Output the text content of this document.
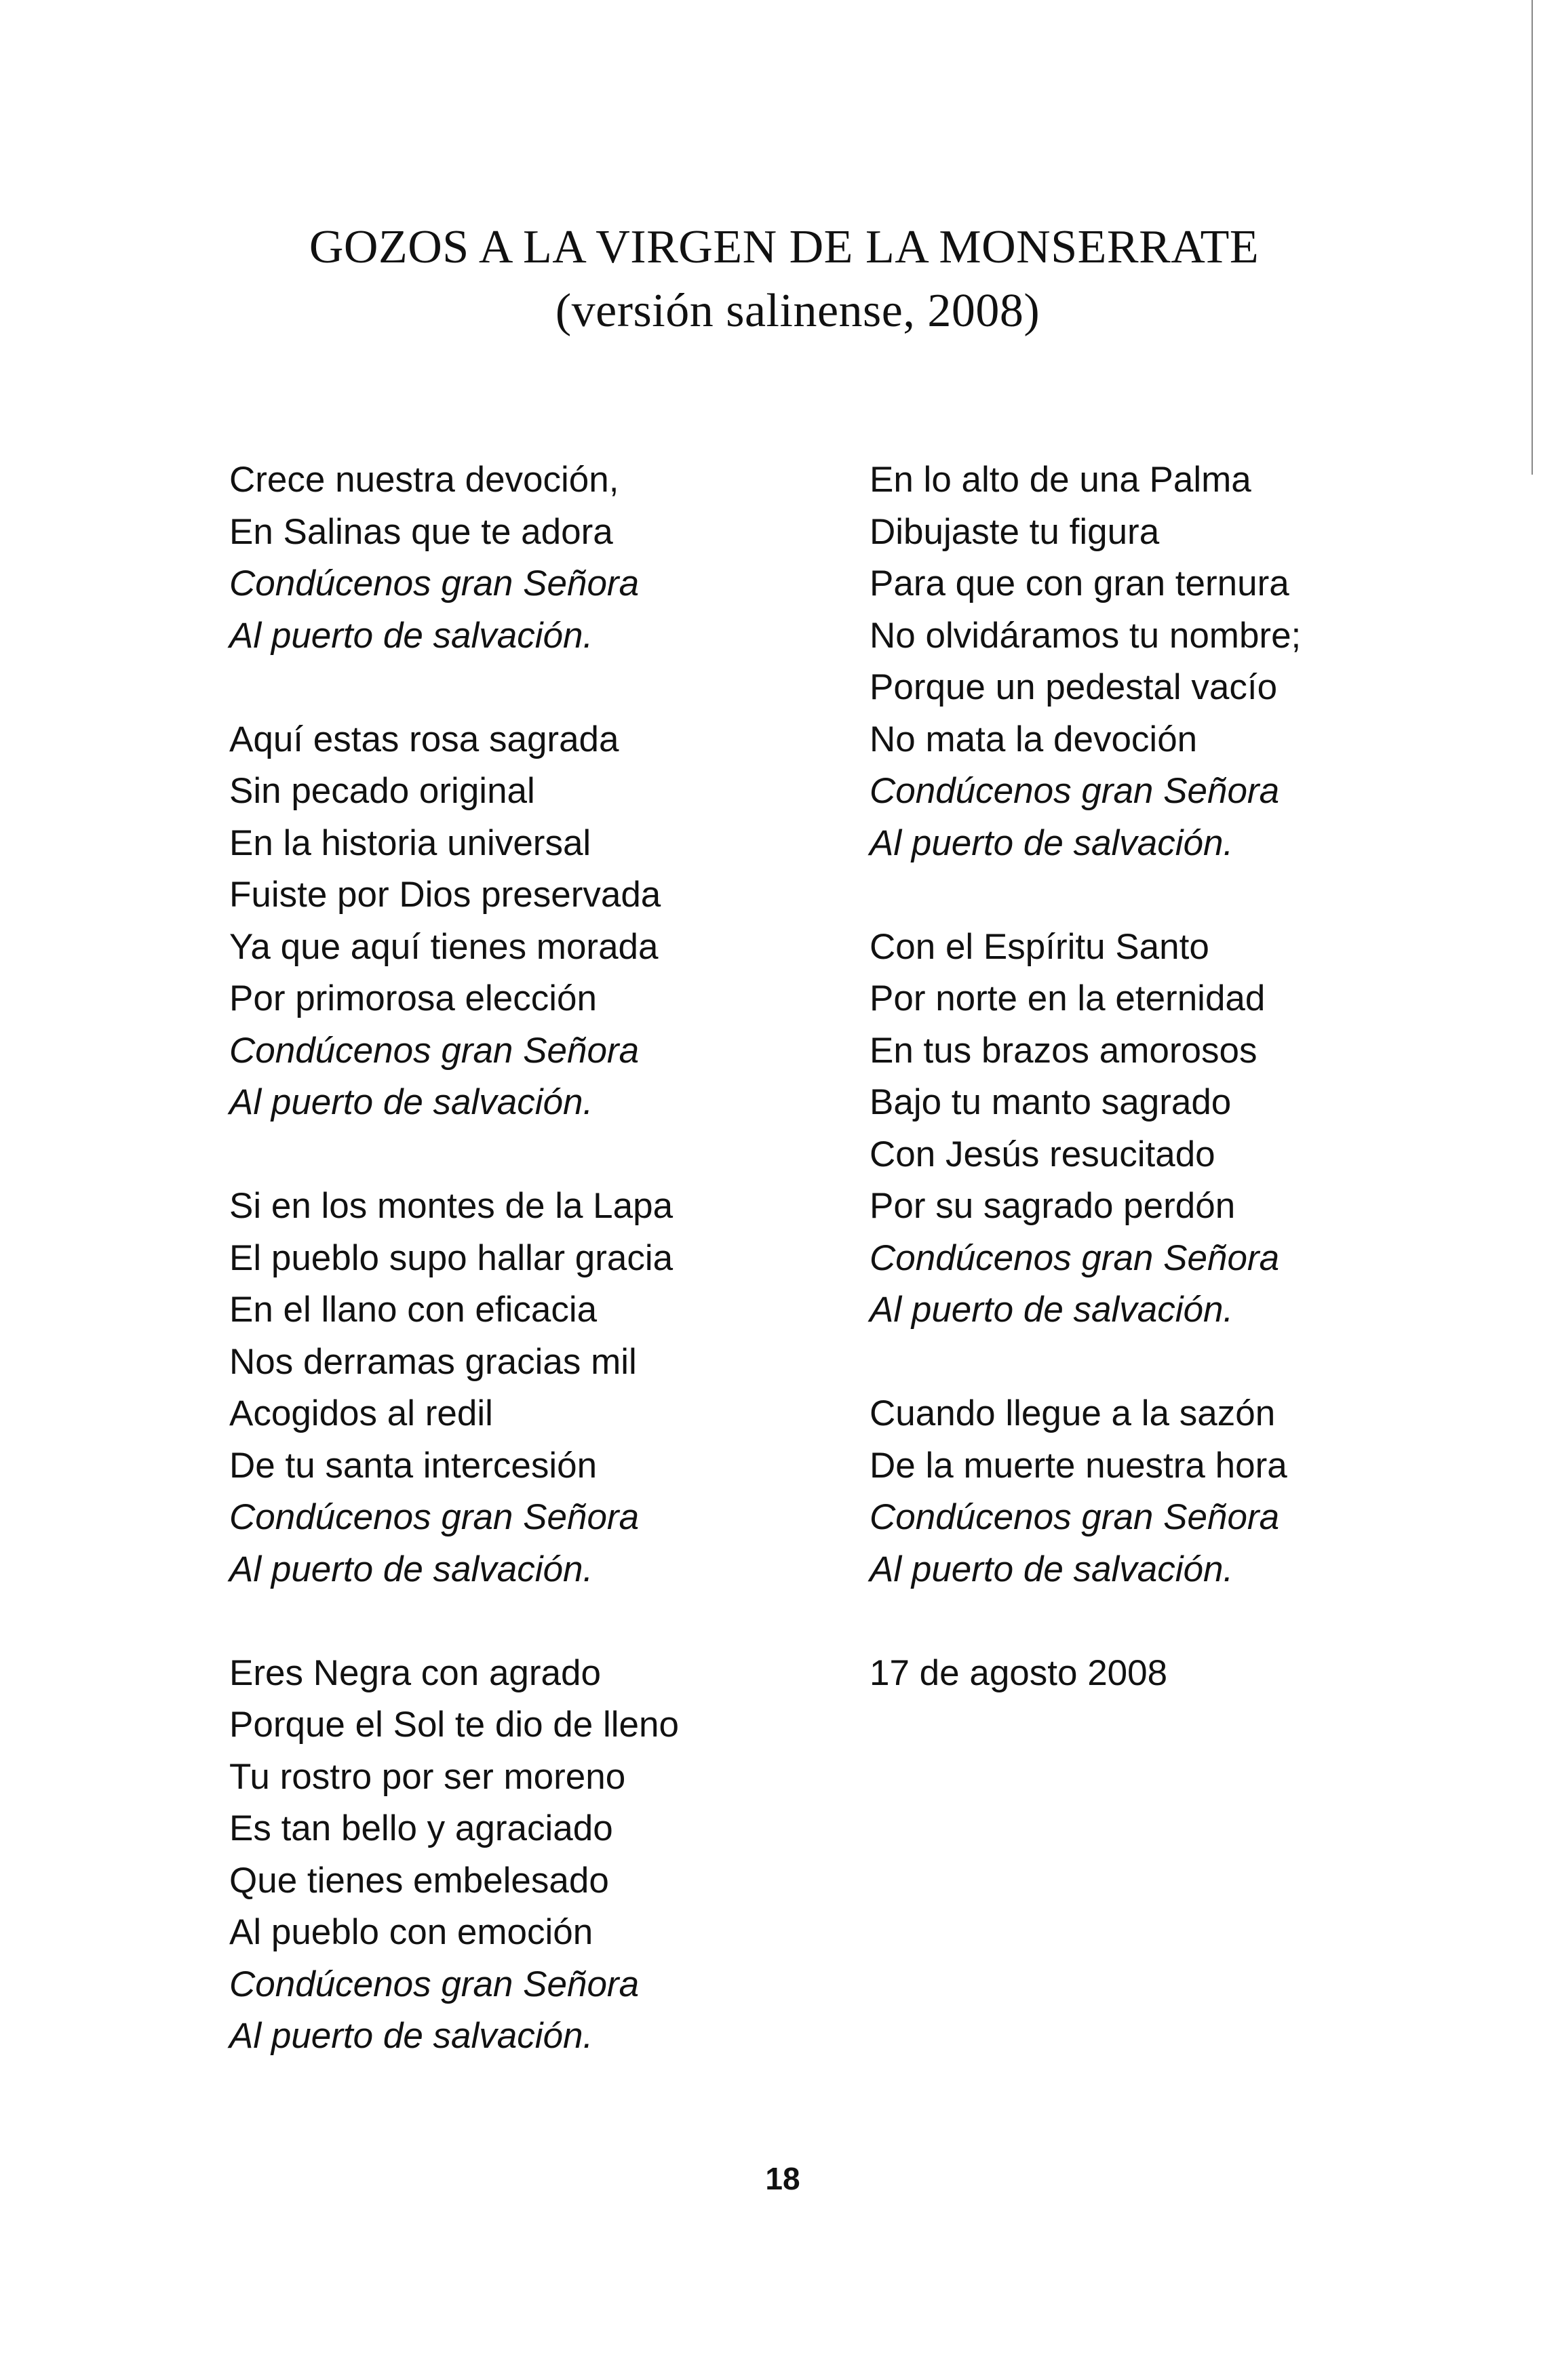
GOZOS A LA VIRGEN DE LA MONSERRATE
(versión salinense, 2008)
Crece nuestra devoción,
En Salinas que te adora
Condúcenos gran Señora
Al puerto de salvación.
Aquí estas rosa sagrada
Sin pecado original
En la historia universal
Fuiste por Dios preservada
Ya que aquí tienes morada
Por primorosa elección
Condúcenos gran Señora
Al puerto de salvación.
Si en los montes de la Lapa
El pueblo supo hallar gracia
En el llano con eficacia
Nos derramas gracias mil
Acogidos al redil
De tu santa intercesión
Condúcenos gran Señora
Al puerto de salvación.
Eres Negra con agrado
Porque el Sol te dio de lleno
Tu rostro por ser moreno
Es tan bello y agraciado
Que tienes embelesado
Al pueblo con emoción
Condúcenos gran Señora
Al puerto de salvación.
En lo alto de una Palma
Dibujaste tu figura
Para que con gran ternura
No olvidáramos tu nombre;
Porque un pedestal vacío
No mata la devoción
Condúcenos gran Señora
Al puerto de salvación.
Con el Espíritu Santo
Por norte en la eternidad
En tus brazos amorosos
Bajo tu manto sagrado
Con Jesús resucitado
Por su sagrado perdón
Condúcenos gran Señora
Al puerto de salvación.
Cuando llegue a la sazón
De la muerte nuestra hora
Condúcenos gran Señora
Al puerto de salvación.
17 de agosto 2008
18
